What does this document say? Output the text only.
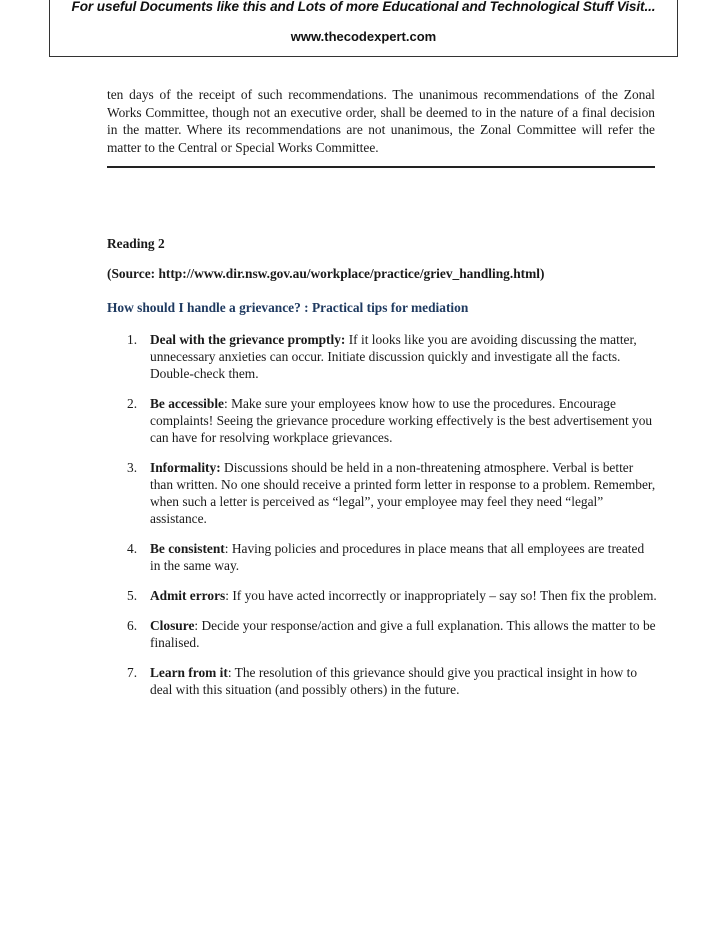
For useful Documents like this and Lots of more Educational and Technological Stuff Visit...
www.thecodexpert.com
ten days of the receipt of such recommendations. The unanimous recommendations of the Zonal Works Committee, though not an executive order, shall be deemed to in the nature of a final decision in the matter. Where its recommendations are not unanimous, the Zonal Committee will refer the matter to the Central or Special Works Committee.
Reading 2
(Source: http://www.dir.nsw.gov.au/workplace/practice/griev_handling.html)
How should I handle a grievance? : Practical tips for mediation
1. Deal with the grievance promptly: If it looks like you are avoiding discussing the matter, unnecessary anxieties can occur. Initiate discussion quickly and investigate all the facts. Double-check them.
2. Be accessible: Make sure your employees know how to use the procedures. Encourage complaints! Seeing the grievance procedure working effectively is the best advertisement you can have for resolving workplace grievances.
3. Informality: Discussions should be held in a non-threatening atmosphere. Verbal is better than written. No one should receive a printed form letter in response to a problem. Remember, when such a letter is perceived as “legal”, your employee may feel they need “legal” assistance.
4. Be consistent: Having policies and procedures in place means that all employees are treated in the same way.
5. Admit errors: If you have acted incorrectly or inappropriately – say so! Then fix the problem.
6. Closure: Decide your response/action and give a full explanation. This allows the matter to be finalised.
7. Learn from it: The resolution of this grievance should give you practical insight in how to deal with this situation (and possibly others) in the future.
